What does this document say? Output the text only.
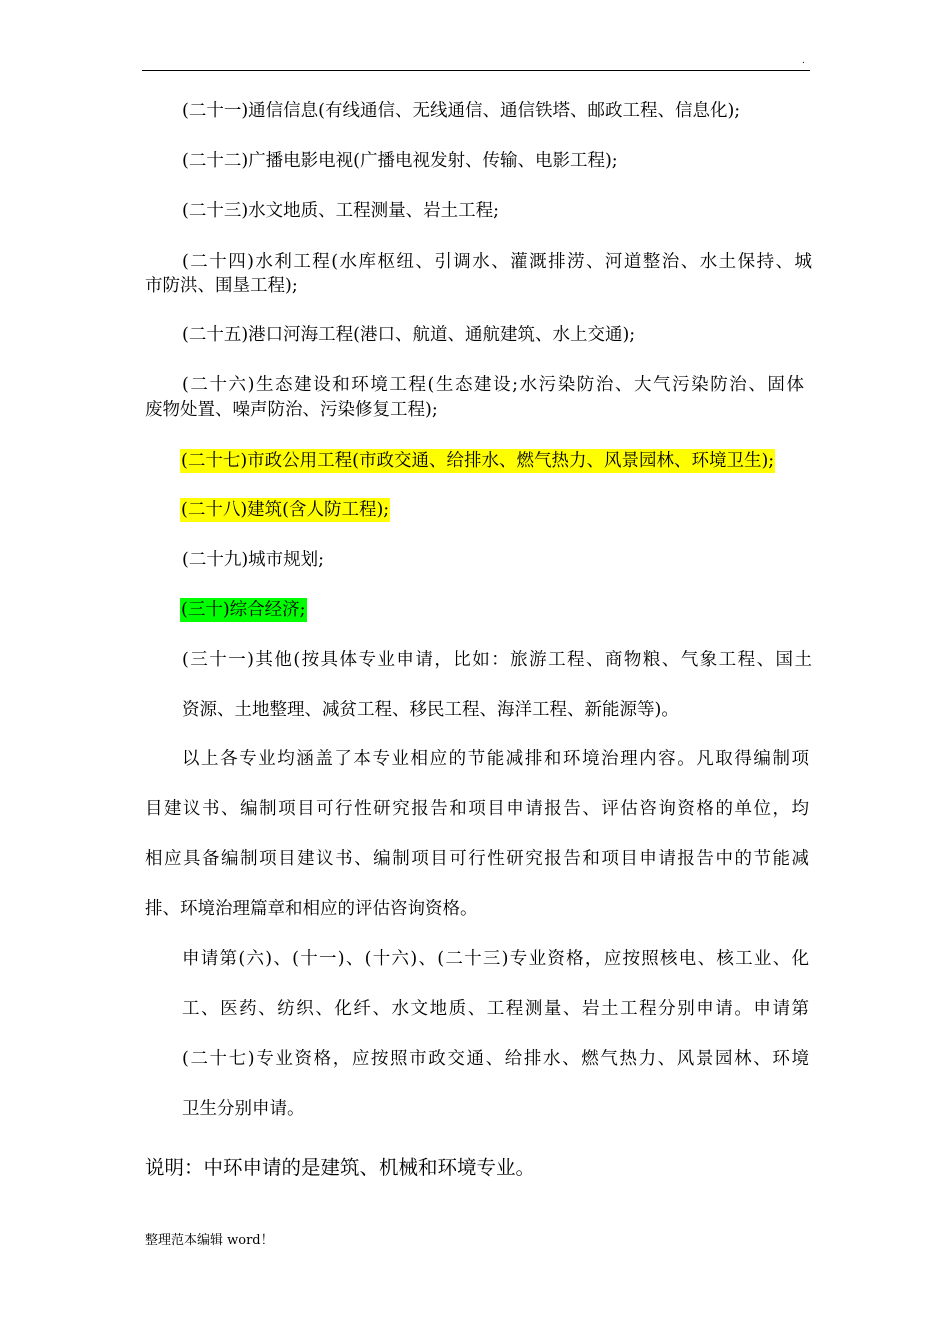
.
(二十一)通信信息(有线通信、无线通信、通信铁塔、邮政工程、信息化);
(二十二)广播电影电视(广播电视发射、传输、电影工程);
(二十三)水文地质、工程测量、岩土工程;
(二十四)水利工程(水库枢纽、引调水、灌溉排涝、河道整治、水土保持、城
市防洪、围垦工程);
(二十五)港口河海工程(港口、航道、通航建筑、水上交通);
(二十六)生态建设和环境工程(生态建设;水污染防治、大气污染防治、固体
废物处置、噪声防治、污染修复工程);
(二十七)市政公用工程(市政交通、给排水、燃气热力、风景园林、环境卫生);
(二十八)建筑(含人防工程);
(二十九)城市规划;
(三十)综合经济;
(三十一)其他(按具体专业申请，比如：旅游工程、商物粮、气象工程、国土
资源、土地整理、减贫工程、移民工程、海洋工程、新能源等)。
以上各专业均涵盖了本专业相应的节能减排和环境治理内容。凡取得编制项
目建议书、编制项目可行性研究报告和项目申请报告、评估咨询资格的单位，均
相应具备编制项目建议书、编制项目可行性研究报告和项目申请报告中的节能减
排、环境治理篇章和相应的评估咨询资格。
申请第(六)、(十一)、(十六)、(二十三)专业资格，应按照核电、核工业、化
工、医药、纺织、化纤、水文地质、工程测量、岩土工程分别申请。申请第
(二十七)专业资格，应按照市政交通、给排水、燃气热力、风景园林、环境
卫生分别申请。
说明：中环申请的是建筑、机械和环境专业。
整理范本编辑 word！
